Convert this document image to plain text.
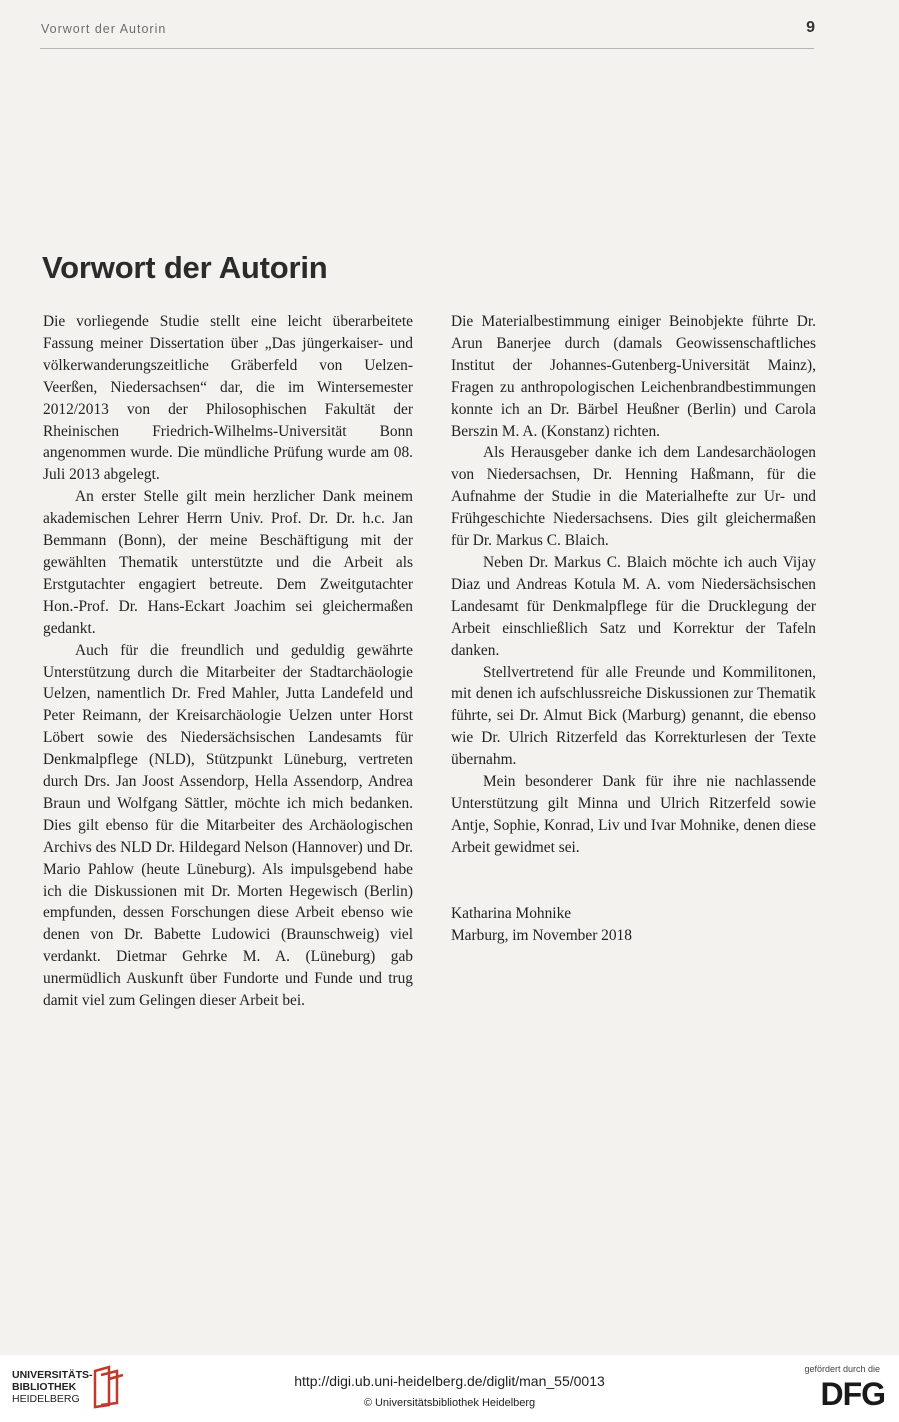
Vorwort der Autorin	9
Vorwort der Autorin

Die vorliegende Studie stellt eine leicht überarbeitete Fassung meiner Dissertation über „Das jüngerkaiser- und völkerwanderungszeitliche Gräberfeld von Uelzen-Veerßen, Niedersachsen“ dar, die im Wintersemester 2012/2013 von der Philosophischen Fakultät der Rheinischen Friedrich-Wilhelms-Universität Bonn angenommen wurde. Die mündliche Prüfung wurde am 08. Juli 2013 abgelegt.

An erster Stelle gilt mein herzlicher Dank meinem akademischen Lehrer Herrn Univ. Prof. Dr. Dr. h.c. Jan Bemmann (Bonn), der meine Beschäftigung mit der gewählten Thematik unterstützte und die Arbeit als Erstgutachter engagiert betreute. Dem Zweitgutachter Hon.-Prof. Dr. Hans-Eckart Joachim sei gleichermaßen gedankt.

Auch für die freundlich und geduldig gewährte Unterstützung durch die Mitarbeiter der Stadtarchäologie Uelzen, namentlich Dr. Fred Mahler, Jutta Landefeld und Peter Reimann, der Kreisarchäologie Uelzen unter Horst Löbert sowie des Niedersächsischen Landesamts für Denkmalpflege (NLD), Stützpunkt Lüneburg, vertreten durch Drs. Jan Joost Assendorp, Hella Assendorp, Andrea Braun und Wolfgang Sättler, möchte ich mich bedanken. Dies gilt ebenso für die Mitarbeiter des Archäologischen Archivs des NLD Dr. Hildegard Nelson (Hannover) und Dr. Mario Pahlow (heute Lüneburg). Als impulsgebend habe ich die Diskussionen mit Dr. Morten Hegewisch (Berlin) empfunden, dessen Forschungen diese Arbeit ebenso wie denen von Dr. Babette Ludowici (Braunschweig) viel verdankt. Dietmar Gehrke M. A. (Lüneburg) gab unermüdlich Auskunft über Fundorte und Funde und trug damit viel zum Gelingen dieser Arbeit bei.

Die Materialbestimmung einiger Beinobjekte führte Dr. Arun Banerjee durch (damals Geowissenschaftliches Institut der Johannes-Gutenberg-Universität Mainz), Fragen zu anthropologischen Leichenbrandbestimmungen konnte ich an Dr. Bärbel Heußner (Berlin) und Carola Berszin M. A. (Konstanz) richten.

Als Herausgeber danke ich dem Landesarchäologen von Niedersachsen, Dr. Henning Haßmann, für die Aufnahme der Studie in die Materialhefte zur Ur- und Frühgeschichte Niedersachsens. Dies gilt gleichermaßen für Dr. Markus C. Blaich.

Neben Dr. Markus C. Blaich möchte ich auch Vijay Diaz und Andreas Kotula M. A. vom Niedersächsischen Landesamt für Denkmalpflege für die Drucklegung der Arbeit einschließlich Satz und Korrektur der Tafeln danken.

Stellvertretend für alle Freunde und Kommilitonen, mit denen ich aufschlussreiche Diskussionen zur Thematik führte, sei Dr. Almut Bick (Marburg) genannt, die ebenso wie Dr. Ulrich Ritzerfeld das Korrekturlesen der Texte übernahm.

Mein besonderer Dank für ihre nie nachlassende Unterstützung gilt Minna und Ulrich Ritzerfeld sowie Antje, Sophie, Konrad, Liv und Ivar Mohnike, denen diese Arbeit gewidmet sei.

Katharina Mohnike
Marburg, im November 2018
UNIVERSITÄTS-
BIBLIOTHEK
HEIDELBERG
http://digi.ub.uni-heidelberg.de/diglit/man_55/0013
© Universitätsbibliothek Heidelberg
gefördert durch die
DFG
